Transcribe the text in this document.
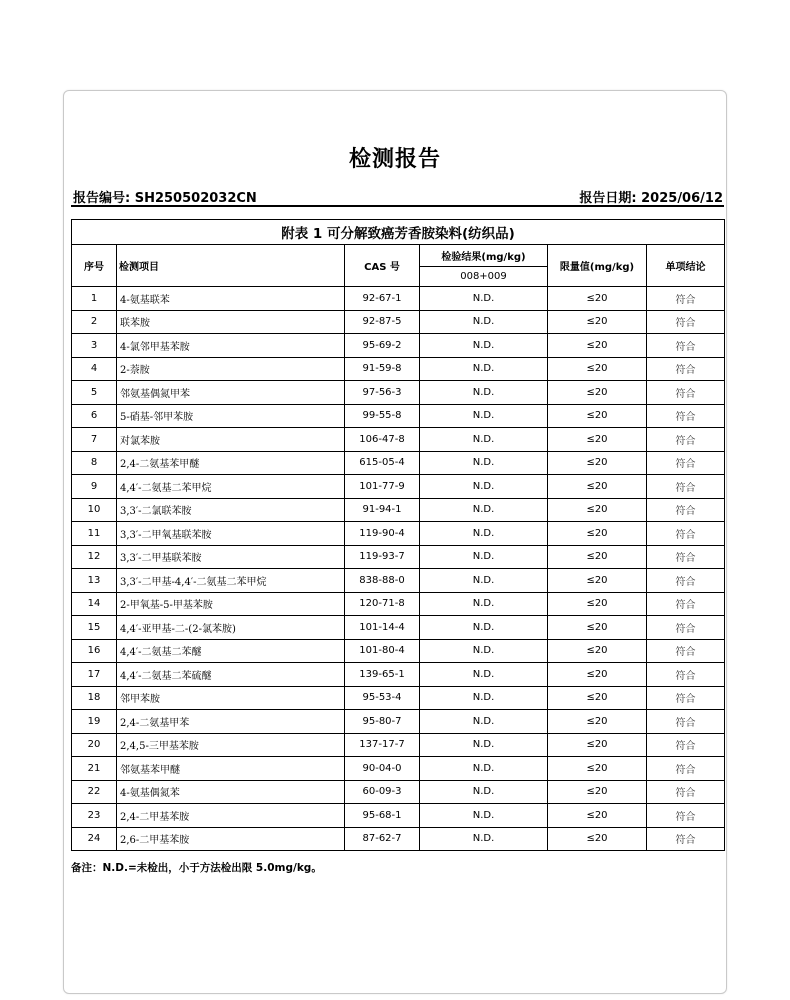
检测报告
报告编号: SH250502032CN	报告日期: 2025/06/12
附表 1 可分解致癌芳香胺染料(纺织品)					
序号	检测项目	CAS 号	检验结果(mg/kg)	限量值(mg/kg)	单项结论
			008+009		
1	4-氨基联苯	92-67-1	N.D.	≤20	符合
2	联苯胺	92-87-5	N.D.	≤20	符合
3	4-氯邻甲基苯胺	95-69-2	N.D.	≤20	符合
4	2-萘胺	91-59-8	N.D.	≤20	符合
5	邻氨基偶氮甲苯	97-56-3	N.D.	≤20	符合
6	5-硝基-邻甲苯胺	99-55-8	N.D.	≤20	符合
7	对氯苯胺	106-47-8	N.D.	≤20	符合
8	2,4-二氨基苯甲醚	615-05-4	N.D.	≤20	符合
9	4,4′-二氨基二苯甲烷	101-77-9	N.D.	≤20	符合
10	3,3′-二氯联苯胺	91-94-1	N.D.	≤20	符合
11	3,3′-二甲氧基联苯胺	119-90-4	N.D.	≤20	符合
12	3,3′-二甲基联苯胺	119-93-7	N.D.	≤20	符合
13	3,3′-二甲基-4,4′-二氨基二苯甲烷	838-88-0	N.D.	≤20	符合
14	2-甲氧基-5-甲基苯胺	120-71-8	N.D.	≤20	符合
15	4,4′-亚甲基-二-(2-氯苯胺)	101-14-4	N.D.	≤20	符合
16	4,4′-二氨基二苯醚	101-80-4	N.D.	≤20	符合
17	4,4′-二氨基二苯硫醚	139-65-1	N.D.	≤20	符合
18	邻甲苯胺	95-53-4	N.D.	≤20	符合
19	2,4-二氨基甲苯	95-80-7	N.D.	≤20	符合
20	2,4,5-三甲基苯胺	137-17-7	N.D.	≤20	符合
21	邻氨基苯甲醚	90-04-0	N.D.	≤20	符合
22	4-氨基偶氮苯	60-09-3	N.D.	≤20	符合
23	2,4-二甲基苯胺	95-68-1	N.D.	≤20	符合
24	2,6-二甲基苯胺	87-62-7	N.D.	≤20	符合
备注：N.D.=未检出，小于方法检出限 5.0mg/kg。
